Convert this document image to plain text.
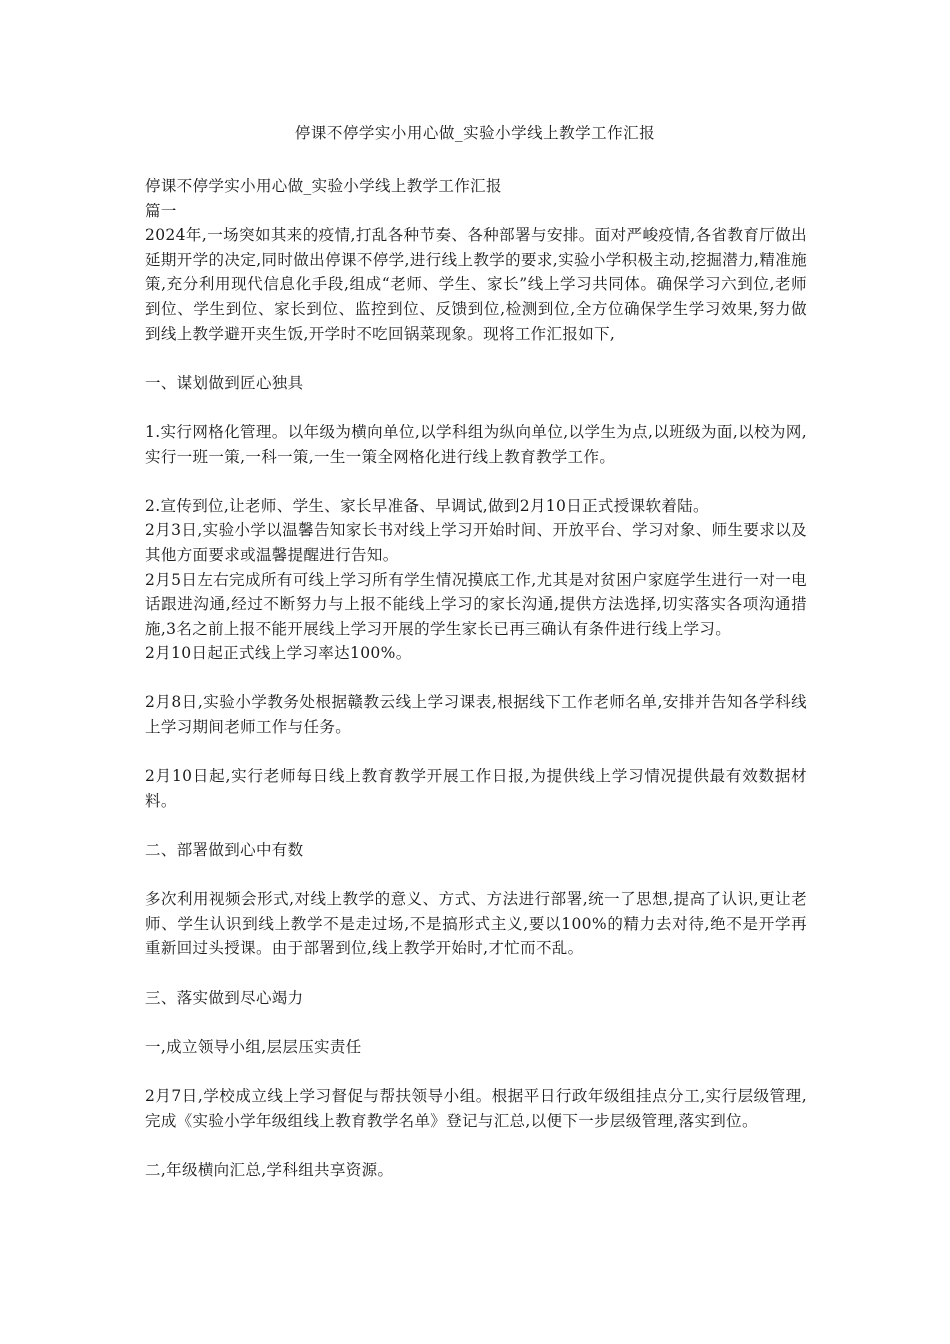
停课不停学实小用心做_实验小学线上教学工作汇报

停课不停学实小用心做_实验小学线上教学工作汇报

篇一

2024年,一场突如其来的疫情,打乱各种节奏、各种部署与安排。面对严峻疫情,各省教育厅做出延期开学的决定,同时做出停课不停学,进行线上教学的要求,实验小学积极主动,挖掘潜力,精准施策,充分利用现代信息化手段,组成“老师、学生、家长”线上学习共同体。确保学习六到位,老师到位、学生到位、家长到位、监控到位、反馈到位,检测到位,全方位确保学生学习效果,努力做到线上教学避开夹生饭,开学时不吃回锅菜现象。现将工作汇报如下,

一、谋划做到匠心独具

1.实行网格化管理。以年级为横向单位,以学科组为纵向单位,以学生为点,以班级为面,以校为网,实行一班一策,一科一策,一生一策全网格化进行线上教育教学工作。

2.宣传到位,让老师、学生、家长早准备、早调试,做到2月10日正式授课软着陆。

2月3日,实验小学以温馨告知家长书对线上学习开始时间、开放平台、学习对象、师生要求以及其他方面要求或温馨提醒进行告知。

2月5日左右完成所有可线上学习所有学生情况摸底工作,尤其是对贫困户家庭学生进行一对一电话跟进沟通,经过不断努力与上报不能线上学习的家长沟通,提供方法选择,切实落实各项沟通措施,3名之前上报不能开展线上学习开展的学生家长已再三确认有条件进行线上学习。

2月10日起正式线上学习率达100%。

2月8日,实验小学教务处根据赣教云线上学习课表,根据线下工作老师名单,安排并告知各学科线上学习期间老师工作与任务。

2月10日起,实行老师每日线上教育教学开展工作日报,为提供线上学习情况提供最有效数据材料。

二、部署做到心中有数

多次利用视频会形式,对线上教学的意义、方式、方法进行部署,统一了思想,提高了认识,更让老师、学生认识到线上教学不是走过场,不是搞形式主义,要以100%的精力去对待,绝不是开学再重新回过头授课。由于部署到位,线上教学开始时,才忙而不乱。

三、落实做到尽心竭力

一,成立领导小组,层层压实责任

2月7日,学校成立线上学习督促与帮扶领导小组。根据平日行政年级组挂点分工,实行层级管理,完成《实验小学年级组线上教育教学名单》登记与汇总,以便下一步层级管理,落实到位。

二,年级横向汇总,学科组共享资源。
